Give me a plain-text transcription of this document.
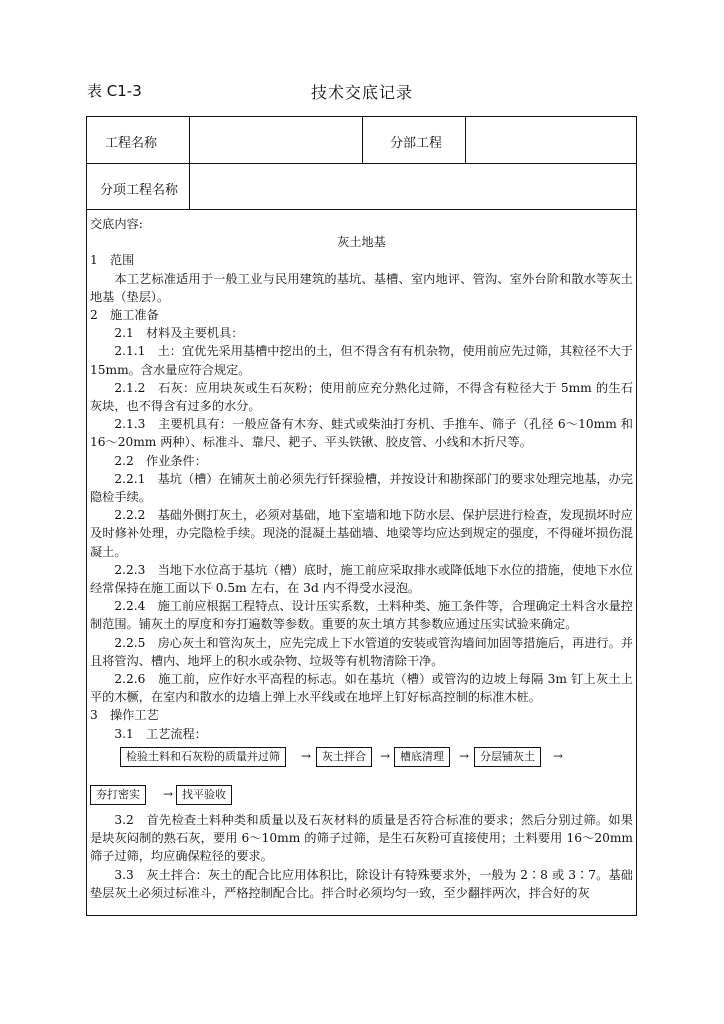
表 C1-3	技术交底记录
工程名称	分部工程
分项工程名称

交底内容:

灰土地基

1　范围

本工艺标准适用于一般工业与民用建筑的基坑、基槽、室内地评、管沟、室外台阶和散水等灰土地基（垫层）。

2　施工准备

2.1　材料及主要机具：

2.1.1　土：宜优先采用基槽中挖出的土，但不得含有有机杂物，使用前应先过筛，其粒径不大于 15mm。含水量应符合规定。

2.1.2　石灰：应用块灰或生石灰粉；使用前应充分熟化过筛，不得含有粒径大于 5mm 的生石灰块，也不得含有过多的水分。

2.1.3　主要机具有：一般应备有木夯、蛙式或柴油打夯机、手推车、筛子（孔径 6～10mm 和 16～20mm 两种）、标准斗、靠尺、耙子、平头铁锹、胶皮管、小线和木折尺等。

2.2　作业条件：

2.2.1　基坑（槽）在铺灰土前必须先行钎探验槽，并按设计和勘探部门的要求处理完地基，办完隐检手续。

2.2.2　基础外侧打灰土，必须对基础，地下室墙和地下防水层、保护层进行检查，发现损坏时应及时修补处理，办完隐检手续。现浇的混凝土基础墙、地梁等均应达到规定的强度，不得碰坏损伤混凝土。

2.2.3　当地下水位高于基坑（槽）底时，施工前应采取排水或降低地下水位的措施，使地下水位经常保持在施工面以下 0.5m 左右，在 3d 内不得受水浸泡。

2.2.4　施工前应根据工程特点、设计压实系数，土料种类、施工条件等，合理确定土料含水量控制范围。铺灰土的厚度和夯打遍数等参数。重要的灰土填方其参数应通过压实试验来确定。

2.2.5　房心灰土和管沟灰土，应先完成上下水管道的安装或管沟墙间加固等措施后，再进行。并且将管沟、槽内、地坪上的积水或杂物、垃圾等有机物清除干净。

2.2.6　施工前，应作好水平高程的标志。如在基坑（槽）或管沟的边坡上每隔 3m 钉上灰土上平的木橛，在室内和散水的边墙上弹上水平线或在地坪上钉好标高控制的标准木桩。

3　操作工艺

3.1　工艺流程：

检验土料和石灰粉的质量并过筛	→ 灰土拌合	→ 槽底清理	→ 分层铺灰土	→
夯打密实	→ 找平验收

3.2　首先检查土料种类和质量以及石灰材料的质量是否符合标准的要求；然后分别过筛。如果是块灰闷制的熟石灰，要用 6～10mm 的筛子过筛，是生石灰粉可直接使用；土料要用 16～20mm 筛子过筛，均应确保粒径的要求。

3.3　灰土拌合：灰土的配合比应用体积比，除设计有特殊要求外，一般为 2∶8 或 3∶7。基础垫层灰土必须过标准斗，严格控制配合比。拌合时必须均匀一致，至少翻拌两次，拌合好的灰
